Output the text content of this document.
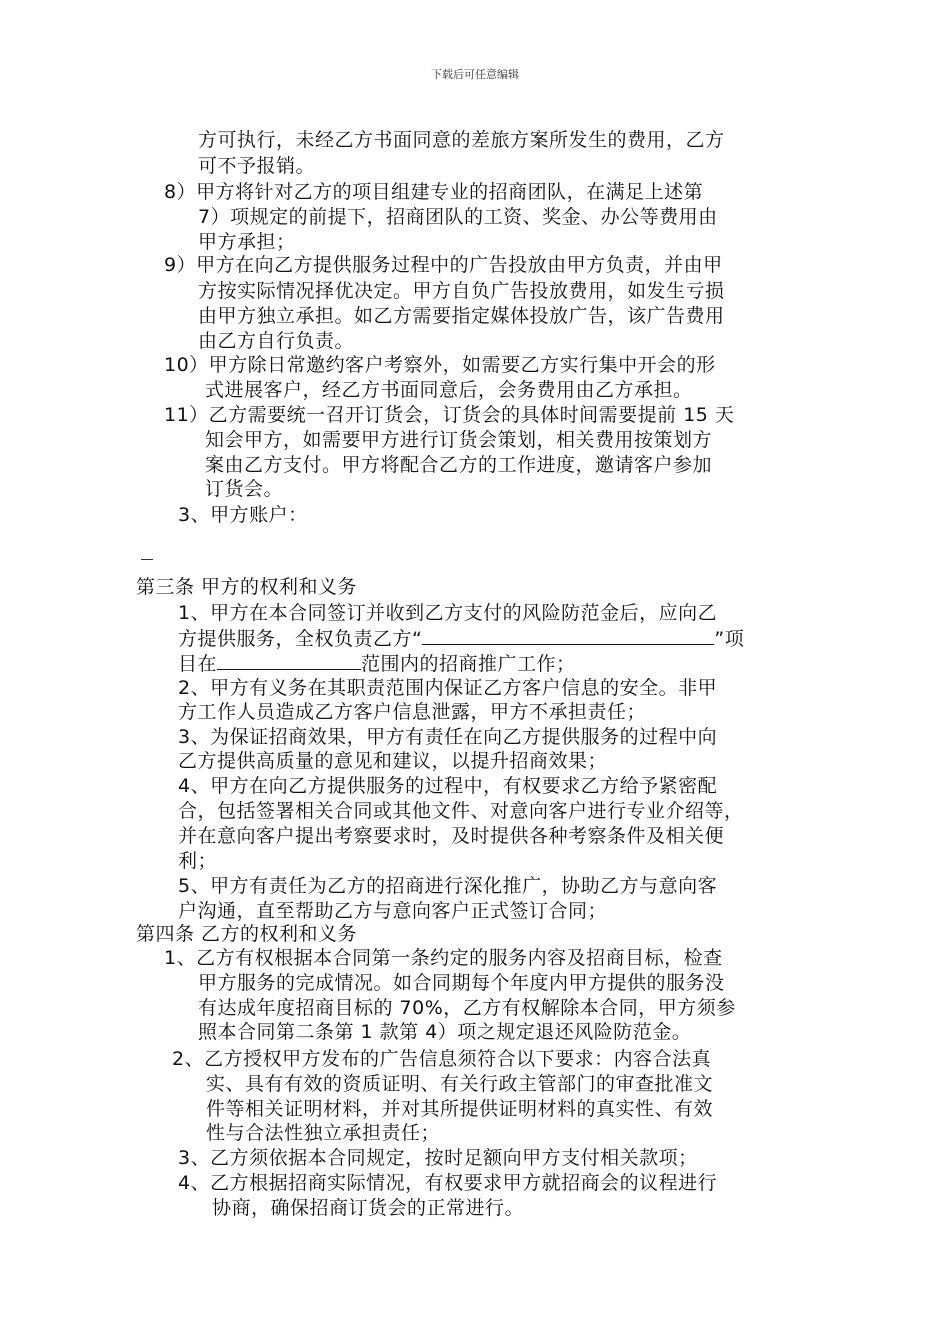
下载后可任意编辑
方可执行，未经乙方书面同意的差旅方案所发生的费用，乙方
可不予报销。
8）甲方将针对乙方的项目组建专业的招商团队，在满足上述第
7）项规定的前提下，招商团队的工资、奖金、办公等费用由
甲方承担；
9）甲方在向乙方提供服务过程中的广告投放由甲方负责，并由甲
方按实际情况择优决定。甲方自负广告投放费用，如发生亏损
由甲方独立承担。如乙方需要指定媒体投放广告，该广告费用
由乙方自行负责。
10）甲方除日常邀约客户考察外，如需要乙方实行集中开会的形
式进展客户，经乙方书面同意后，会务费用由乙方承担。
11）乙方需要统一召开订货会，订货会的具体时间需要提前 15 天
知会甲方，如需要甲方进行订货会策划，相关费用按策划方
案由乙方支付。甲方将配合乙方的工作进度，邀请客户参加
订货会。
3、甲方账户：
第三条 甲方的权利和义务
1、甲方在本合同签订并收到乙方支付的风险防范金后，应向乙
方提供服务，全权负责乙方“	”项
目在	范围内的招商推广工作；
2、甲方有义务在其职责范围内保证乙方客户信息的安全。非甲
方工作人员造成乙方客户信息泄露，甲方不承担责任；
3、为保证招商效果，甲方有责任在向乙方提供服务的过程中向
乙方提供高质量的意见和建议，以提升招商效果；
4、甲方在向乙方提供服务的过程中，有权要求乙方给予紧密配
合，包括签署相关合同或其他文件、对意向客户进行专业介绍等，
并在意向客户提出考察要求时，及时提供各种考察条件及相关便
利；
5、甲方有责任为乙方的招商进行深化推广，协助乙方与意向客
户沟通，直至帮助乙方与意向客户正式签订合同；
第四条 乙方的权利和义务
1、乙方有权根据本合同第一条约定的服务内容及招商目标，检查
甲方服务的完成情况。如合同期每个年度内甲方提供的服务没
有达成年度招商目标的 70%，乙方有权解除本合同，甲方须参
照本合同第二条第 1 款第 4）项之规定退还风险防范金。
2、乙方授权甲方发布的广告信息须符合以下要求：内容合法真
实、具有有效的资质证明、有关行政主管部门的审查批准文
件等相关证明材料，并对其所提供证明材料的真实性、有效
性与合法性独立承担责任；
3、乙方须依据本合同规定，按时足额向甲方支付相关款项；
4、乙方根据招商实际情况，有权要求甲方就招商会的议程进行
协商，确保招商订货会的正常进行。
